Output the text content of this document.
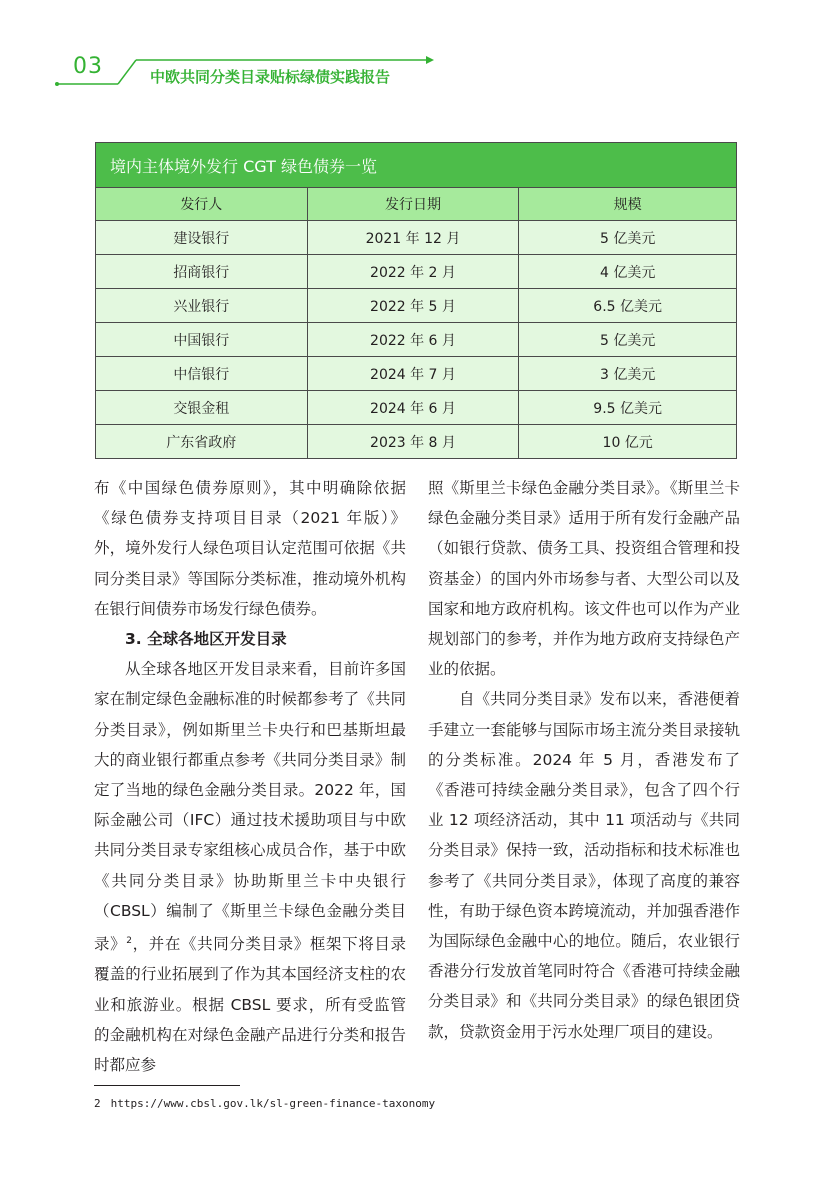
03	中欧共同分类目录贴标绿债实践报告
境内主体境外发行 CGT 绿色债券一览		
发行人	发行日期	规模
建设银行	2021 年 12 月	5 亿美元
招商银行	2022 年 2 月	4 亿美元
兴业银行	2022 年 5 月	6.5 亿美元
中国银行	2022 年 6 月	5 亿美元
中信银行	2024 年 7 月	3 亿美元
交银金租	2024 年 6 月	9.5 亿美元
广东省政府	2023 年 8 月	10 亿元

布《中国绿色债券原则》，其中明确除依据《绿色债券支持项目目录（2021 年版）》外，境外发行人绿色项目认定范围可依据《共同分类目录》等国际分类标准，推动境外机构在银行间债券市场发行绿色债券。

3. 全球各地区开发目录

从全球各地区开发目录来看，目前许多国家在制定绿色金融标准的时候都参考了《共同分类目录》，例如斯里兰卡央行和巴基斯坦最大的商业银行都重点参考《共同分类目录》制定了当地的绿色金融分类目录。2022 年，国际金融公司（IFC）通过技术援助项目与中欧共同分类目录专家组核心成员合作，基于中欧《共同分类目录》协助斯里兰卡中央银行（CBSL）编制了《斯里兰卡绿色金融分类目录》$^2$，并在《共同分类目录》框架下将目录覆盖的行业拓展到了作为其本国经济支柱的农业和旅游业。根据 CBSL 要求，所有受监管的金融机构在对绿色金融产品进行分类和报告时都应参

照《斯里兰卡绿色金融分类目录》。《斯里兰卡绿色金融分类目录》适用于所有发行金融产品（如银行贷款、债务工具、投资组合管理和投资基金）的国内外市场参与者、大型公司以及国家和地方政府机构。该文件也可以作为产业规划部门的参考，并作为地方政府支持绿色产业的依据。

自《共同分类目录》发布以来，香港便着手建立一套能够与国际市场主流分类目录接轨的分类标准。2024 年 5 月，香港发布了《香港可持续金融分类目录》，包含了四个行业 12 项经济活动，其中 11 项活动与《共同分类目录》保持一致，活动指标和技术标准也参考了《共同分类目录》，体现了高度的兼容性，有助于绿色资本跨境流动，并加强香港作为国际绿色金融中心的地位。随后，农业银行香港分行发放首笔同时符合《香港可持续金融分类目录》和《共同分类目录》的绿色银团贷款，贷款资金用于污水处理厂项目的建设。

2 https://www.cbsl.gov.lk/sl-green-finance-taxonomy
